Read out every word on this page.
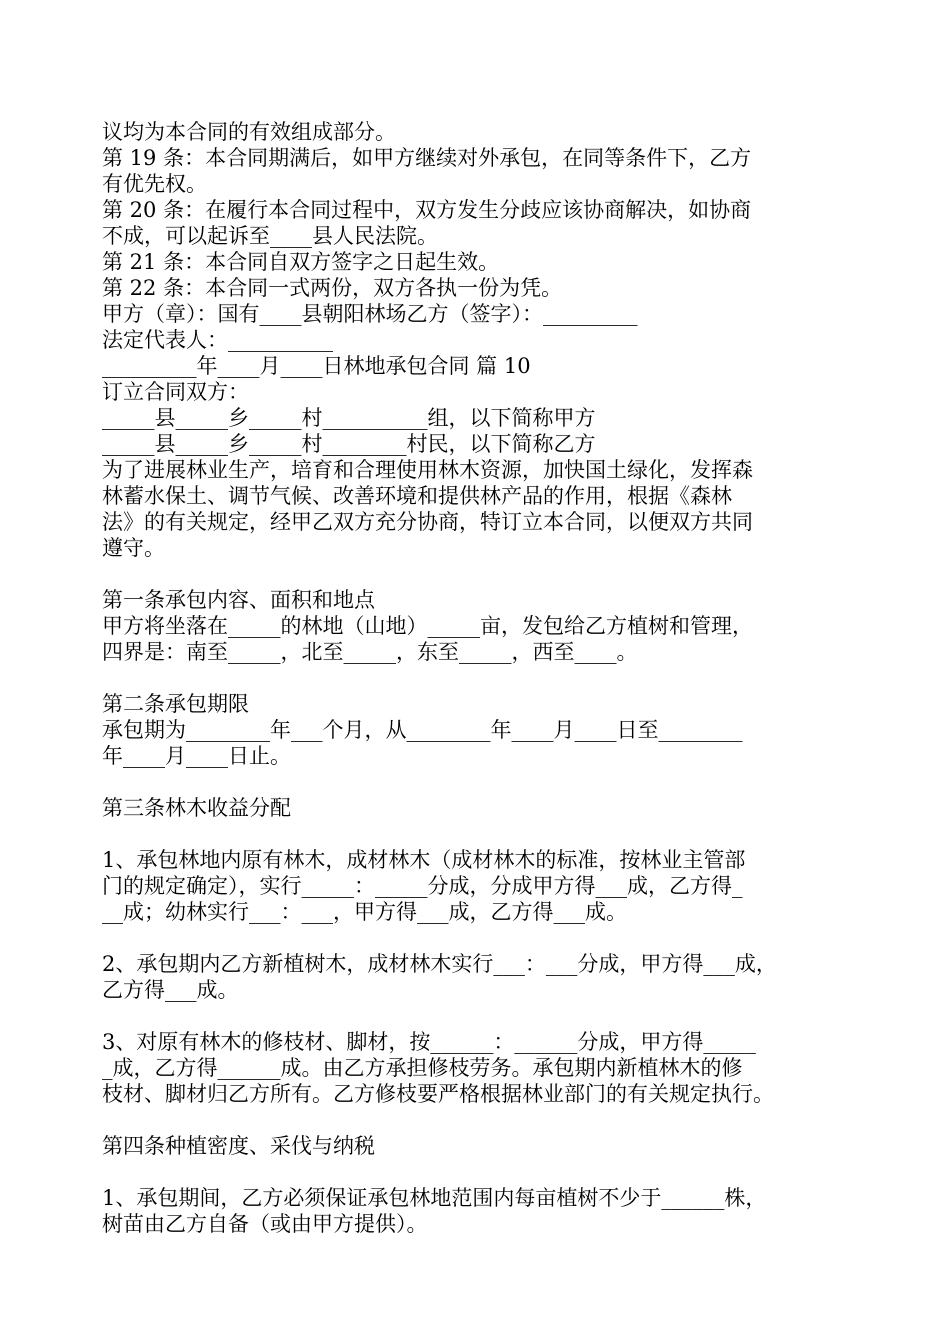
议均为本合同的有效组成部分。
第 19 条：本合同期满后，如甲方继续对外承包，在同等条件下，乙方
有优先权。
第 20 条：在履行本合同过程中，双方发生分歧应该协商解决，如协商
不成，可以起诉至____县人民法院。
第 21 条：本合同自双方签字之日起生效。
第 22 条：本合同一式两份，双方各执一份为凭。
甲方（章）：国有____县朝阳林场乙方（签字）：_________
法定代表人：__________
_________年____月____日林地承包合同 篇 10
订立合同双方：
_____县_____乡_____村__________组，以下简称甲方
_____县_____乡_____村________村民，以下简称乙方
为了进展林业生产，培育和合理使用林木资源，加快国土绿化，发挥森
林蓄水保土、调节气候、改善环境和提供林产品的作用，根据《森林
法》的有关规定，经甲乙双方充分协商，特订立本合同，以便双方共同
遵守。
第一条承包内容、面积和地点
甲方将坐落在_____的林地（山地）_____亩，发包给乙方植树和管理，
四界是：南至_____，北至_____，东至_____，西至____。
第二条承包期限
承包期为________年___个月，从________年____月____日至________
年____月____日止。
第三条林木收益分配
1、承包林地内原有林木，成材林木（成材林木的标准，按林业主管部
门的规定确定），实行_____：_____分成，分成甲方得___成，乙方得_
__成；幼林实行___：___，甲方得___成，乙方得___成。
2、承包期内乙方新植树木，成材林木实行___：___分成，甲方得___成，
乙方得___成。
3、对原有林木的修枝材、脚材，按______：______分成，甲方得_____
_成，乙方得______成。由乙方承担修枝劳务。承包期内新植林木的修
枝材、脚材归乙方所有。乙方修枝要严格根据林业部门的有关规定执行。
第四条种植密度、采伐与纳税
1、承包期间，乙方必须保证承包林地范围内每亩植树不少于______株，
树苗由乙方自备（或由甲方提供）。
